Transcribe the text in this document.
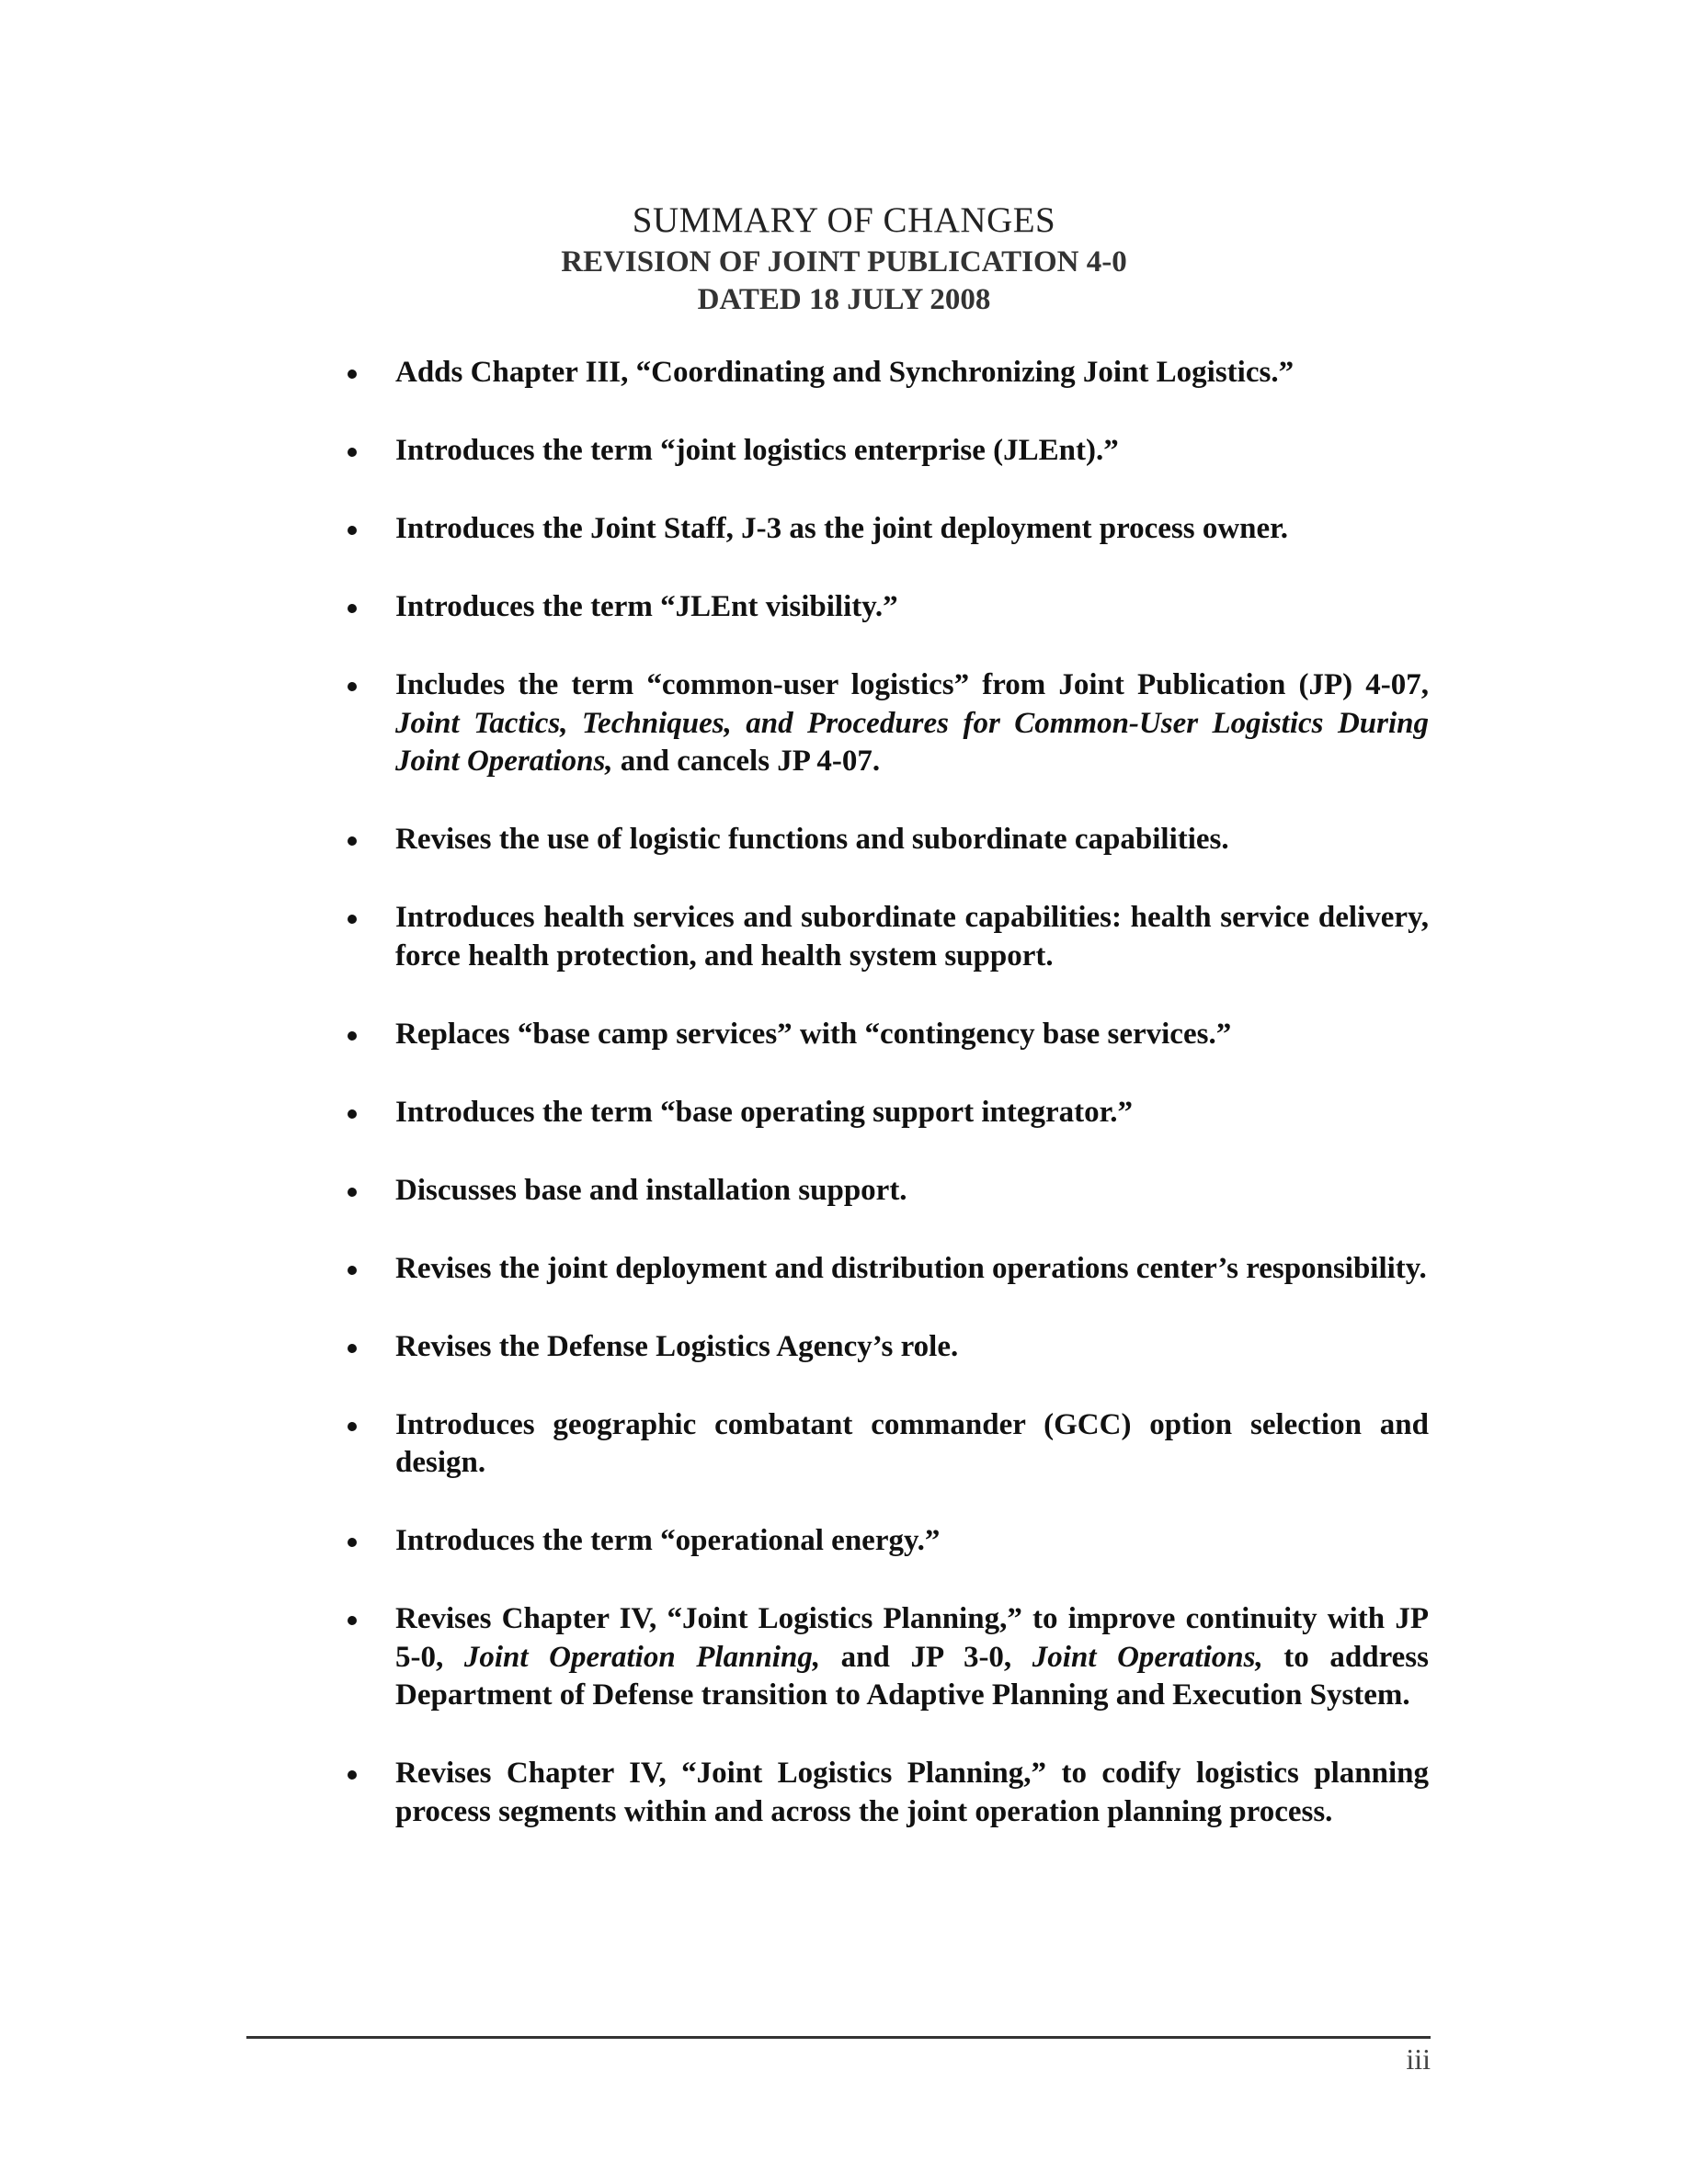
SUMMARY OF CHANGES
REVISION OF JOINT PUBLICATION 4-0
DATED 18 JULY 2008
Adds Chapter III, “Coordinating and Synchronizing Joint Logistics.”
Introduces the term “joint logistics enterprise (JLEnt).”
Introduces the Joint Staff, J-3 as the joint deployment process owner.
Introduces the term “JLEnt visibility.”
Includes the term “common-user logistics” from Joint Publication (JP) 4-07, Joint Tactics, Techniques, and Procedures for Common-User Logistics During Joint Operations, and cancels JP 4-07.
Revises the use of logistic functions and subordinate capabilities.
Introduces health services and subordinate capabilities: health service delivery, force health protection, and health system support.
Replaces “base camp services” with “contingency base services.”
Introduces the term “base operating support integrator.”
Discusses base and installation support.
Revises the joint deployment and distribution operations center’s responsibility.
Revises the Defense Logistics Agency’s role.
Introduces geographic combatant commander (GCC) option selection and design.
Introduces the term “operational energy.”
Revises Chapter IV, “Joint Logistics Planning,” to improve continuity with JP 5-0, Joint Operation Planning, and JP 3-0, Joint Operations, to address Department of Defense transition to Adaptive Planning and Execution System.
Revises Chapter IV, “Joint Logistics Planning,” to codify logistics planning process segments within and across the joint operation planning process.
iii
